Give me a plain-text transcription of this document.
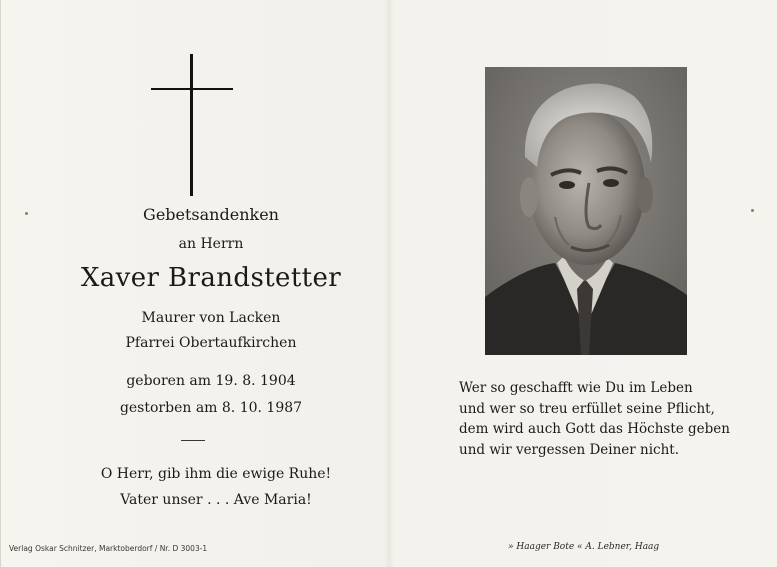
Gebetsandenken
an Herrn
Xaver Brandstetter
Maurer von Lacken
Pfarrei Obertaufkirchen
geboren am 19. 8. 1904
gestorben am 8. 10. 1987
O Herr, gib ihm die ewige Ruhe!
Vater unser . . . Ave Maria!
Verlag Oskar Schnitzer, Marktoberdorf / Nr. D 3003-1
Wer so geschafft wie Du im Leben
und wer so treu erfüllet seine Pflicht,
dem wird auch Gott das Höchste geben
und wir vergessen Deiner nicht.
» Haager Bote « A. Lebner, Haag
